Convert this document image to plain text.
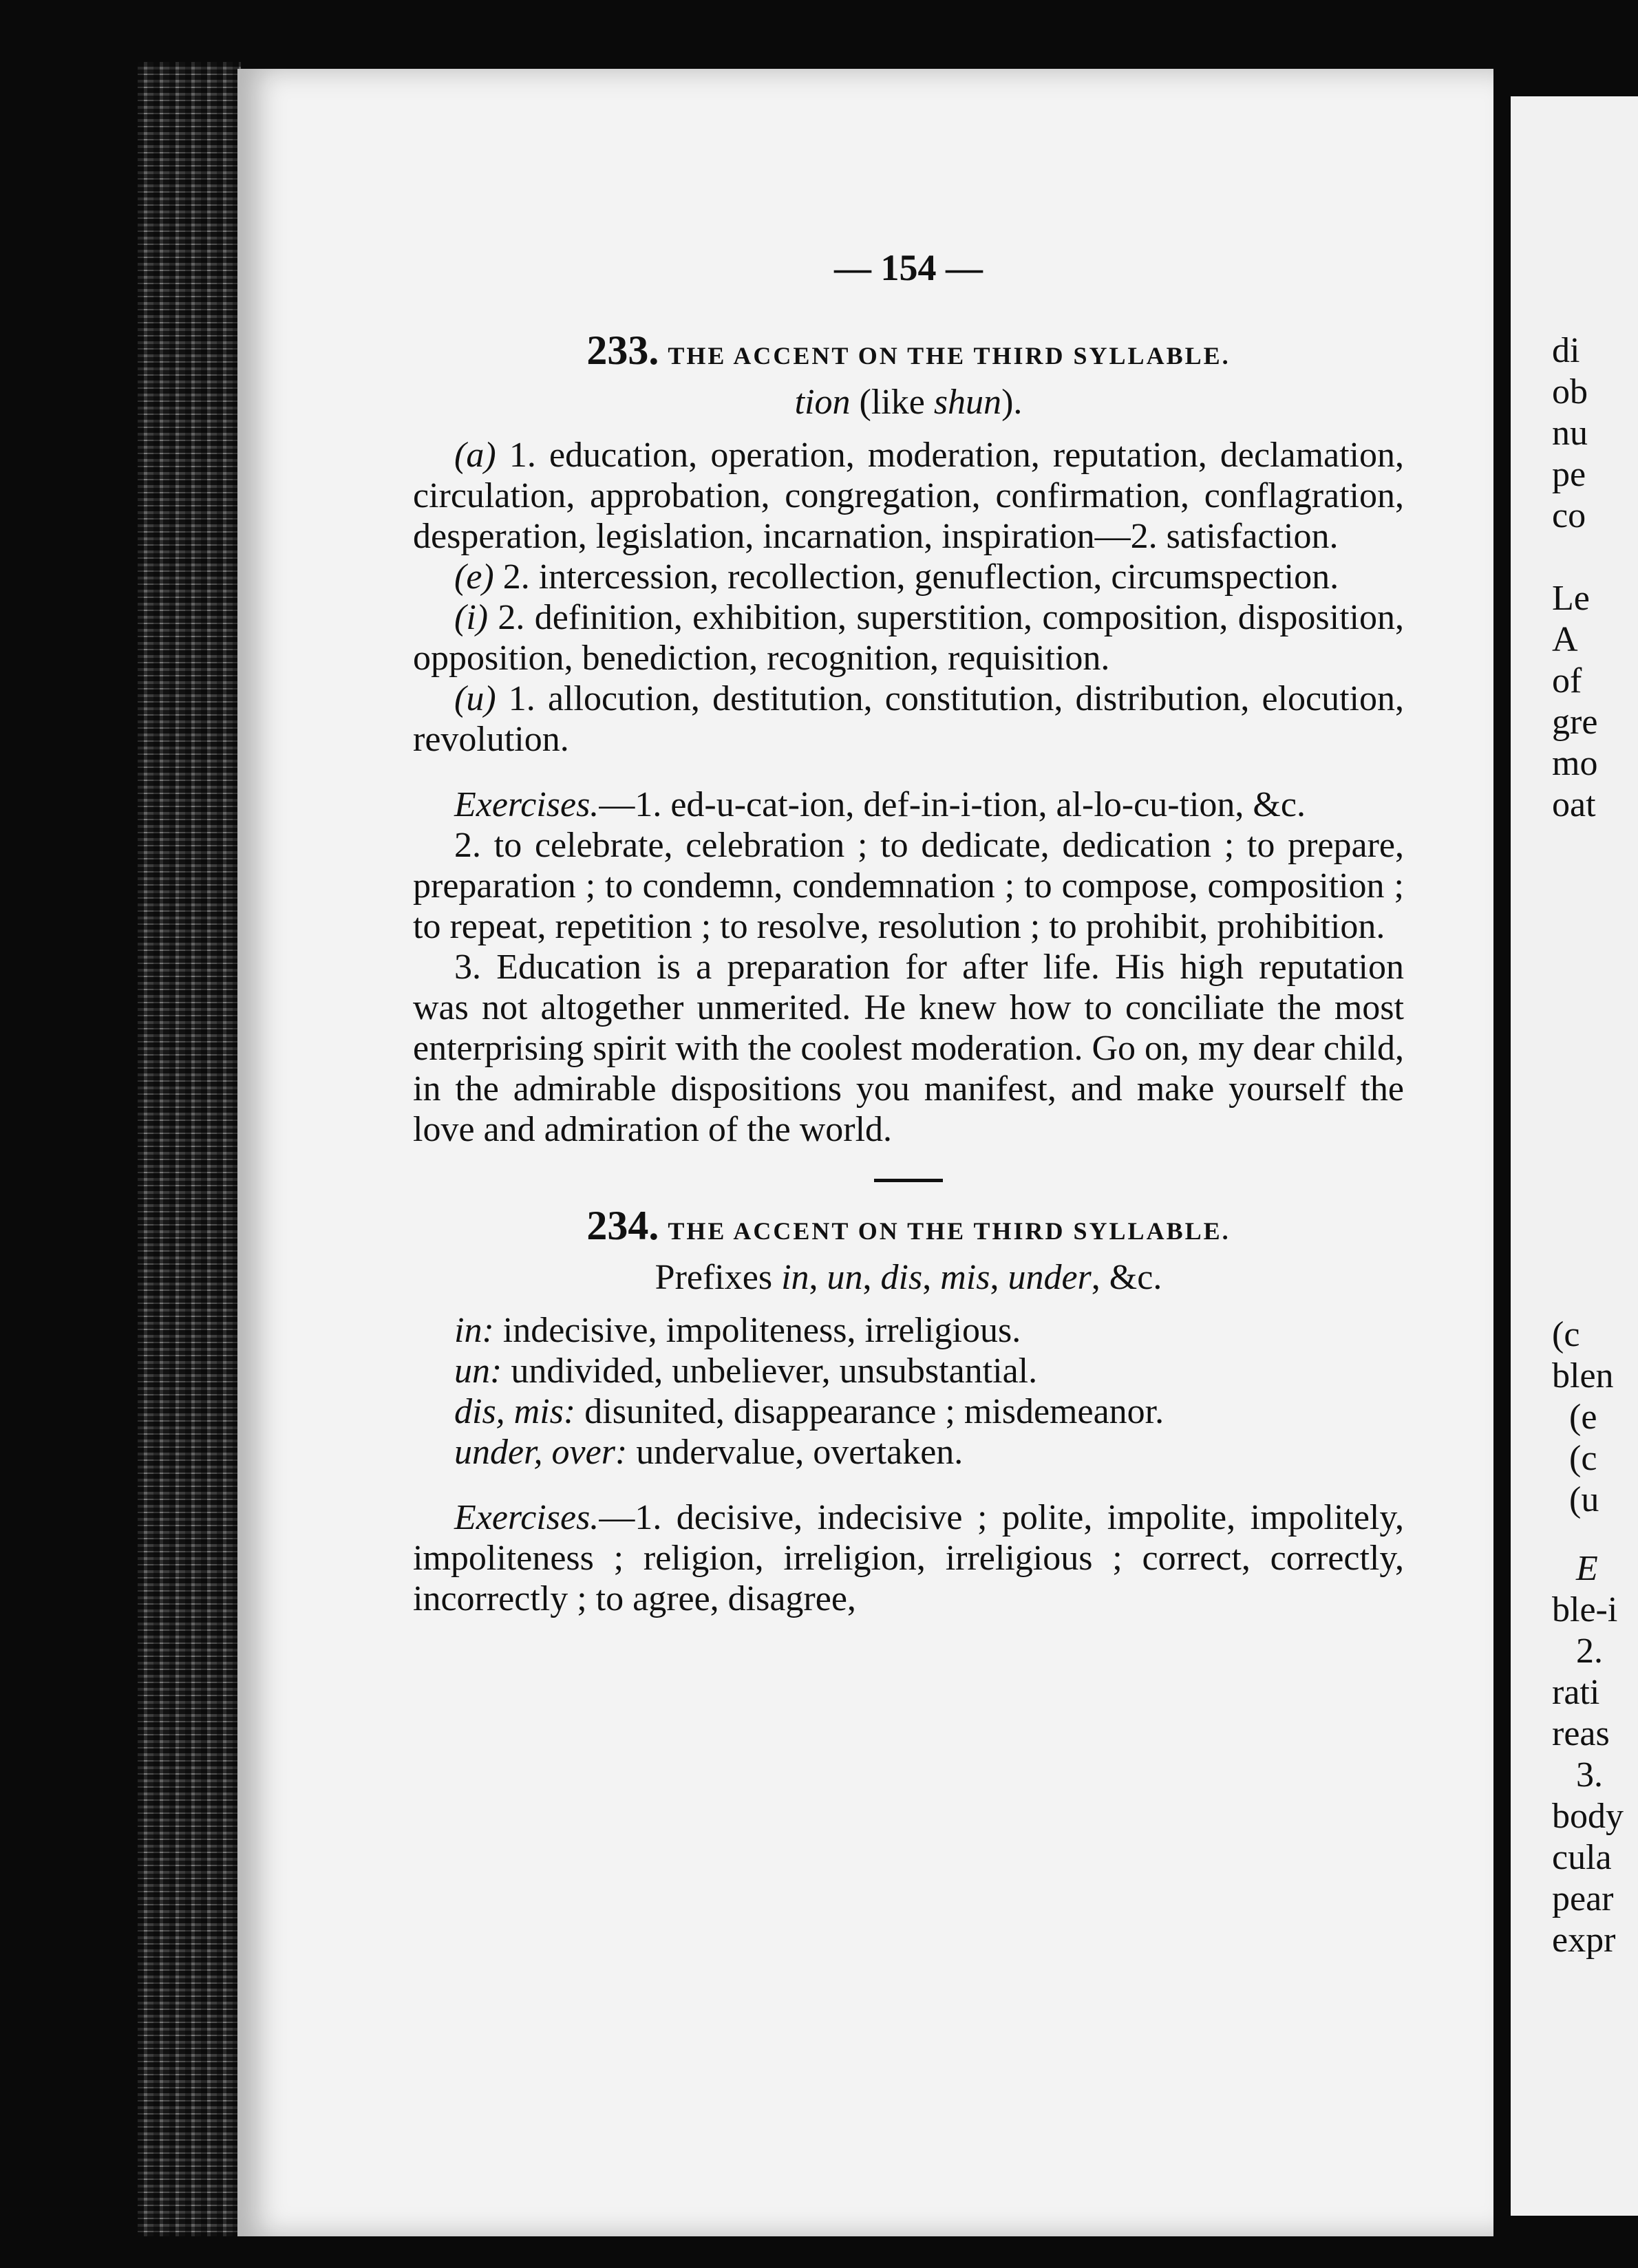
— 154 —

233. THE ACCENT ON THE THIRD SYLLABLE.

tion (like shun).

(a) 1. education, operation, moderation, reputation, declamation, circulation, approbation, congregation, confirmation, conflagration, desperation, legislation, incarnation, inspiration—2. satisfaction.

(e) 2. intercession, recollection, genuflection, circumspection.

(i) 2. definition, exhibition, superstition, composition, disposition, opposition, benediction, recognition, requisition.

(u) 1. allocution, destitution, constitution, distribution, elocution, revolution.

Exercises.—1. ed-u-cat-ion, def-in-i-tion, al-lo-cu-tion, &c.

2. to celebrate, celebration ; to dedicate, dedication ; to prepare, preparation ; to condemn, condemnation ; to compose, composition ; to repeat, repetition ; to resolve, resolution ; to prohibit, prohibition.

3. Education is a preparation for after life. His high reputation was not altogether unmerited. He knew how to conciliate the most enterprising spirit with the coolest moderation. Go on, my dear child, in the admirable dispositions you manifest, and make yourself the love and admiration of the world.

234. THE ACCENT ON THE THIRD SYLLABLE.

Prefixes in, un, dis, mis, under, &c.

in: indecisive, impoliteness, irreligious.

un: undivided, unbeliever, unsubstantial.

dis, mis: disunited, disappearance ; misdemeanor.

under, over: undervalue, overtaken.

Exercises.—1. decisive, indecisive ; polite, impolite, impolitely, impoliteness ; religion, irreligion, irreligious ; correct, correctly, incorrectly ; to agree, disagree,

di

ob

nu

pe

co

Le

A

of

gre

mo

oat

(c

blen

(e

(c

(u

E

ble-i

2.

rati

reas

3.

body

cula

pear

expr
